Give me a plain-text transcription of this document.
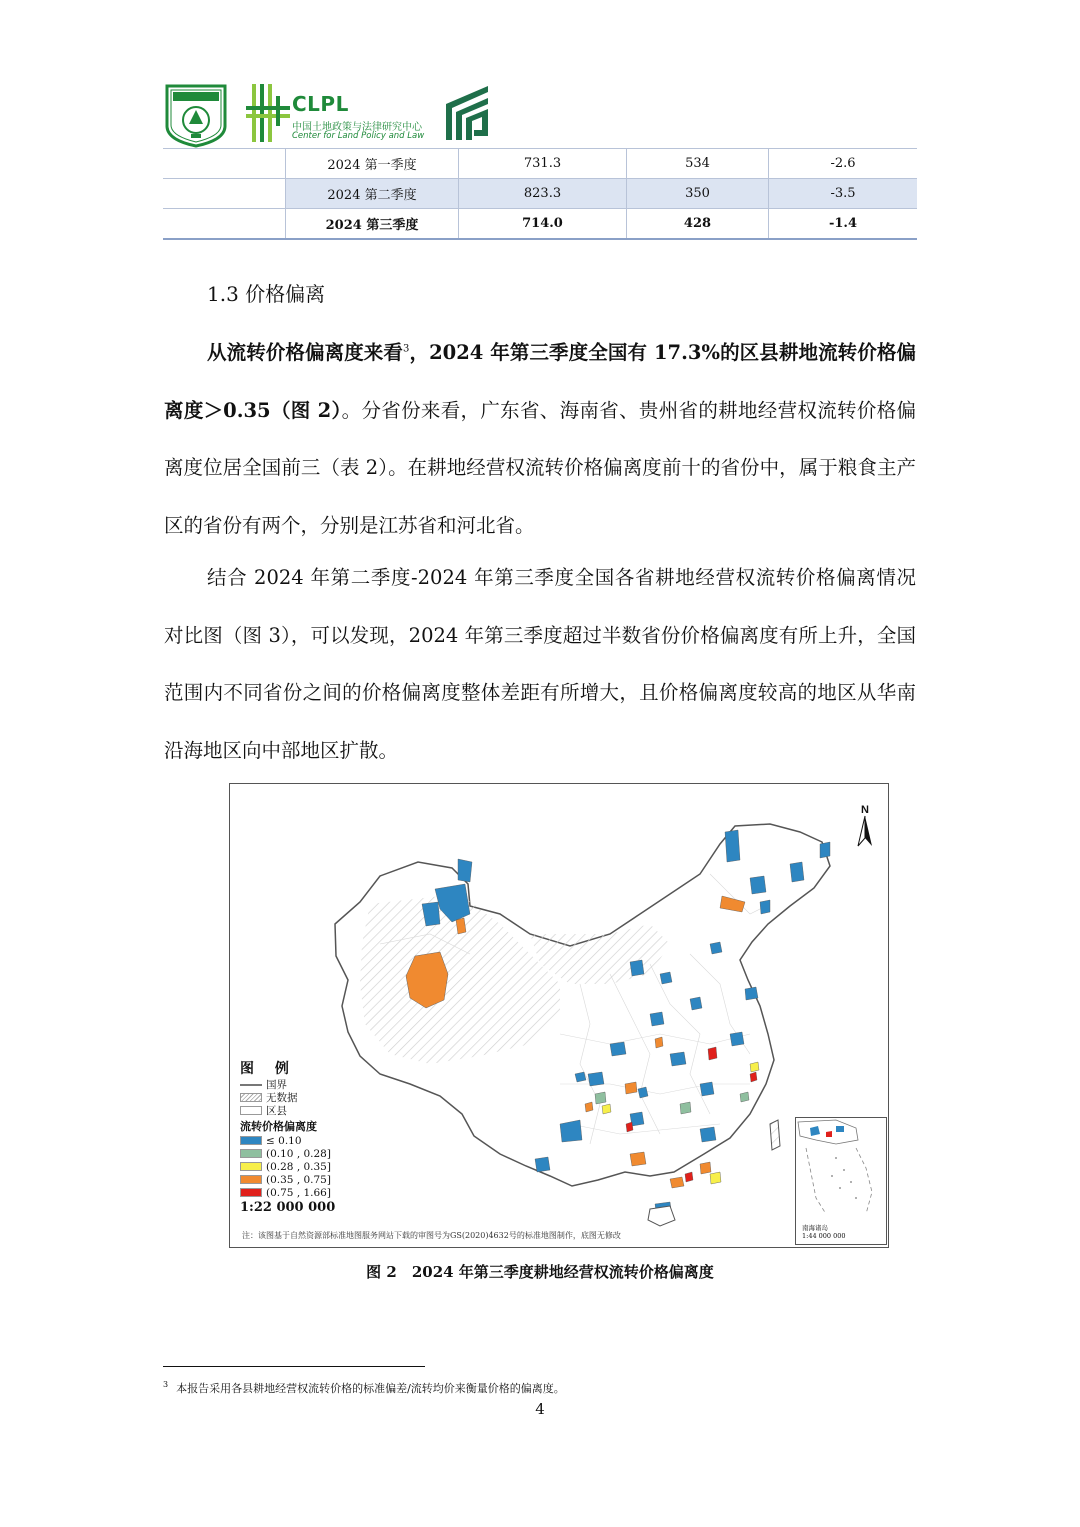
CLPL
中国土地政策与法律研究中心
Center for Land Policy and Law
	2024 第一季度	731.3	534	-2.6
	2024 第二季度	823.3	350	-3.5
	2024 第三季度	714.0	428	-1.4
1.3 价格偏离
从流转价格偏离度来看$^3$，2024 年第三季度全国有 17.3%的区县耕地流转价格偏离度＞0.35（图 2）。分省份来看，广东省、海南省、贵州省的耕地经营权流转价格偏离度位居全国前三（表 2）。在耕地经营权流转价格偏离度前十的省份中，属于粮食主产区的省份有两个，分别是江苏省和河北省。
结合 2024 年第二季度-2024 年第三季度全国各省耕地经营权流转价格偏离情况对比图（图 3），可以发现，2024 年第三季度超过半数省份价格偏离度有所上升，全国范围内不同省份之间的价格偏离度整体差距有所增大，且价格偏离度较高的地区从华南沿海地区向中部地区扩散。
N
图 例
国界
无数据
区县
流转价格偏离度
≤ 0.10
(0.10 , 0.28]
(0.28 , 0.35]
(0.35 , 0.75]
(0.75 , 1.66]
1:22 000 000
南海诸岛
1:44 000 000
注：该图基于自然资源部标准地图服务网站下载的审图号为GS(2020)4632号的标准地图制作，底图无修改
图 2　2024 年第三季度耕地经营权流转价格偏离度
$^3$ 本报告采用各县耕地经营权流转价格的标准偏差/流转均价来衡量价格的偏离度。
4
